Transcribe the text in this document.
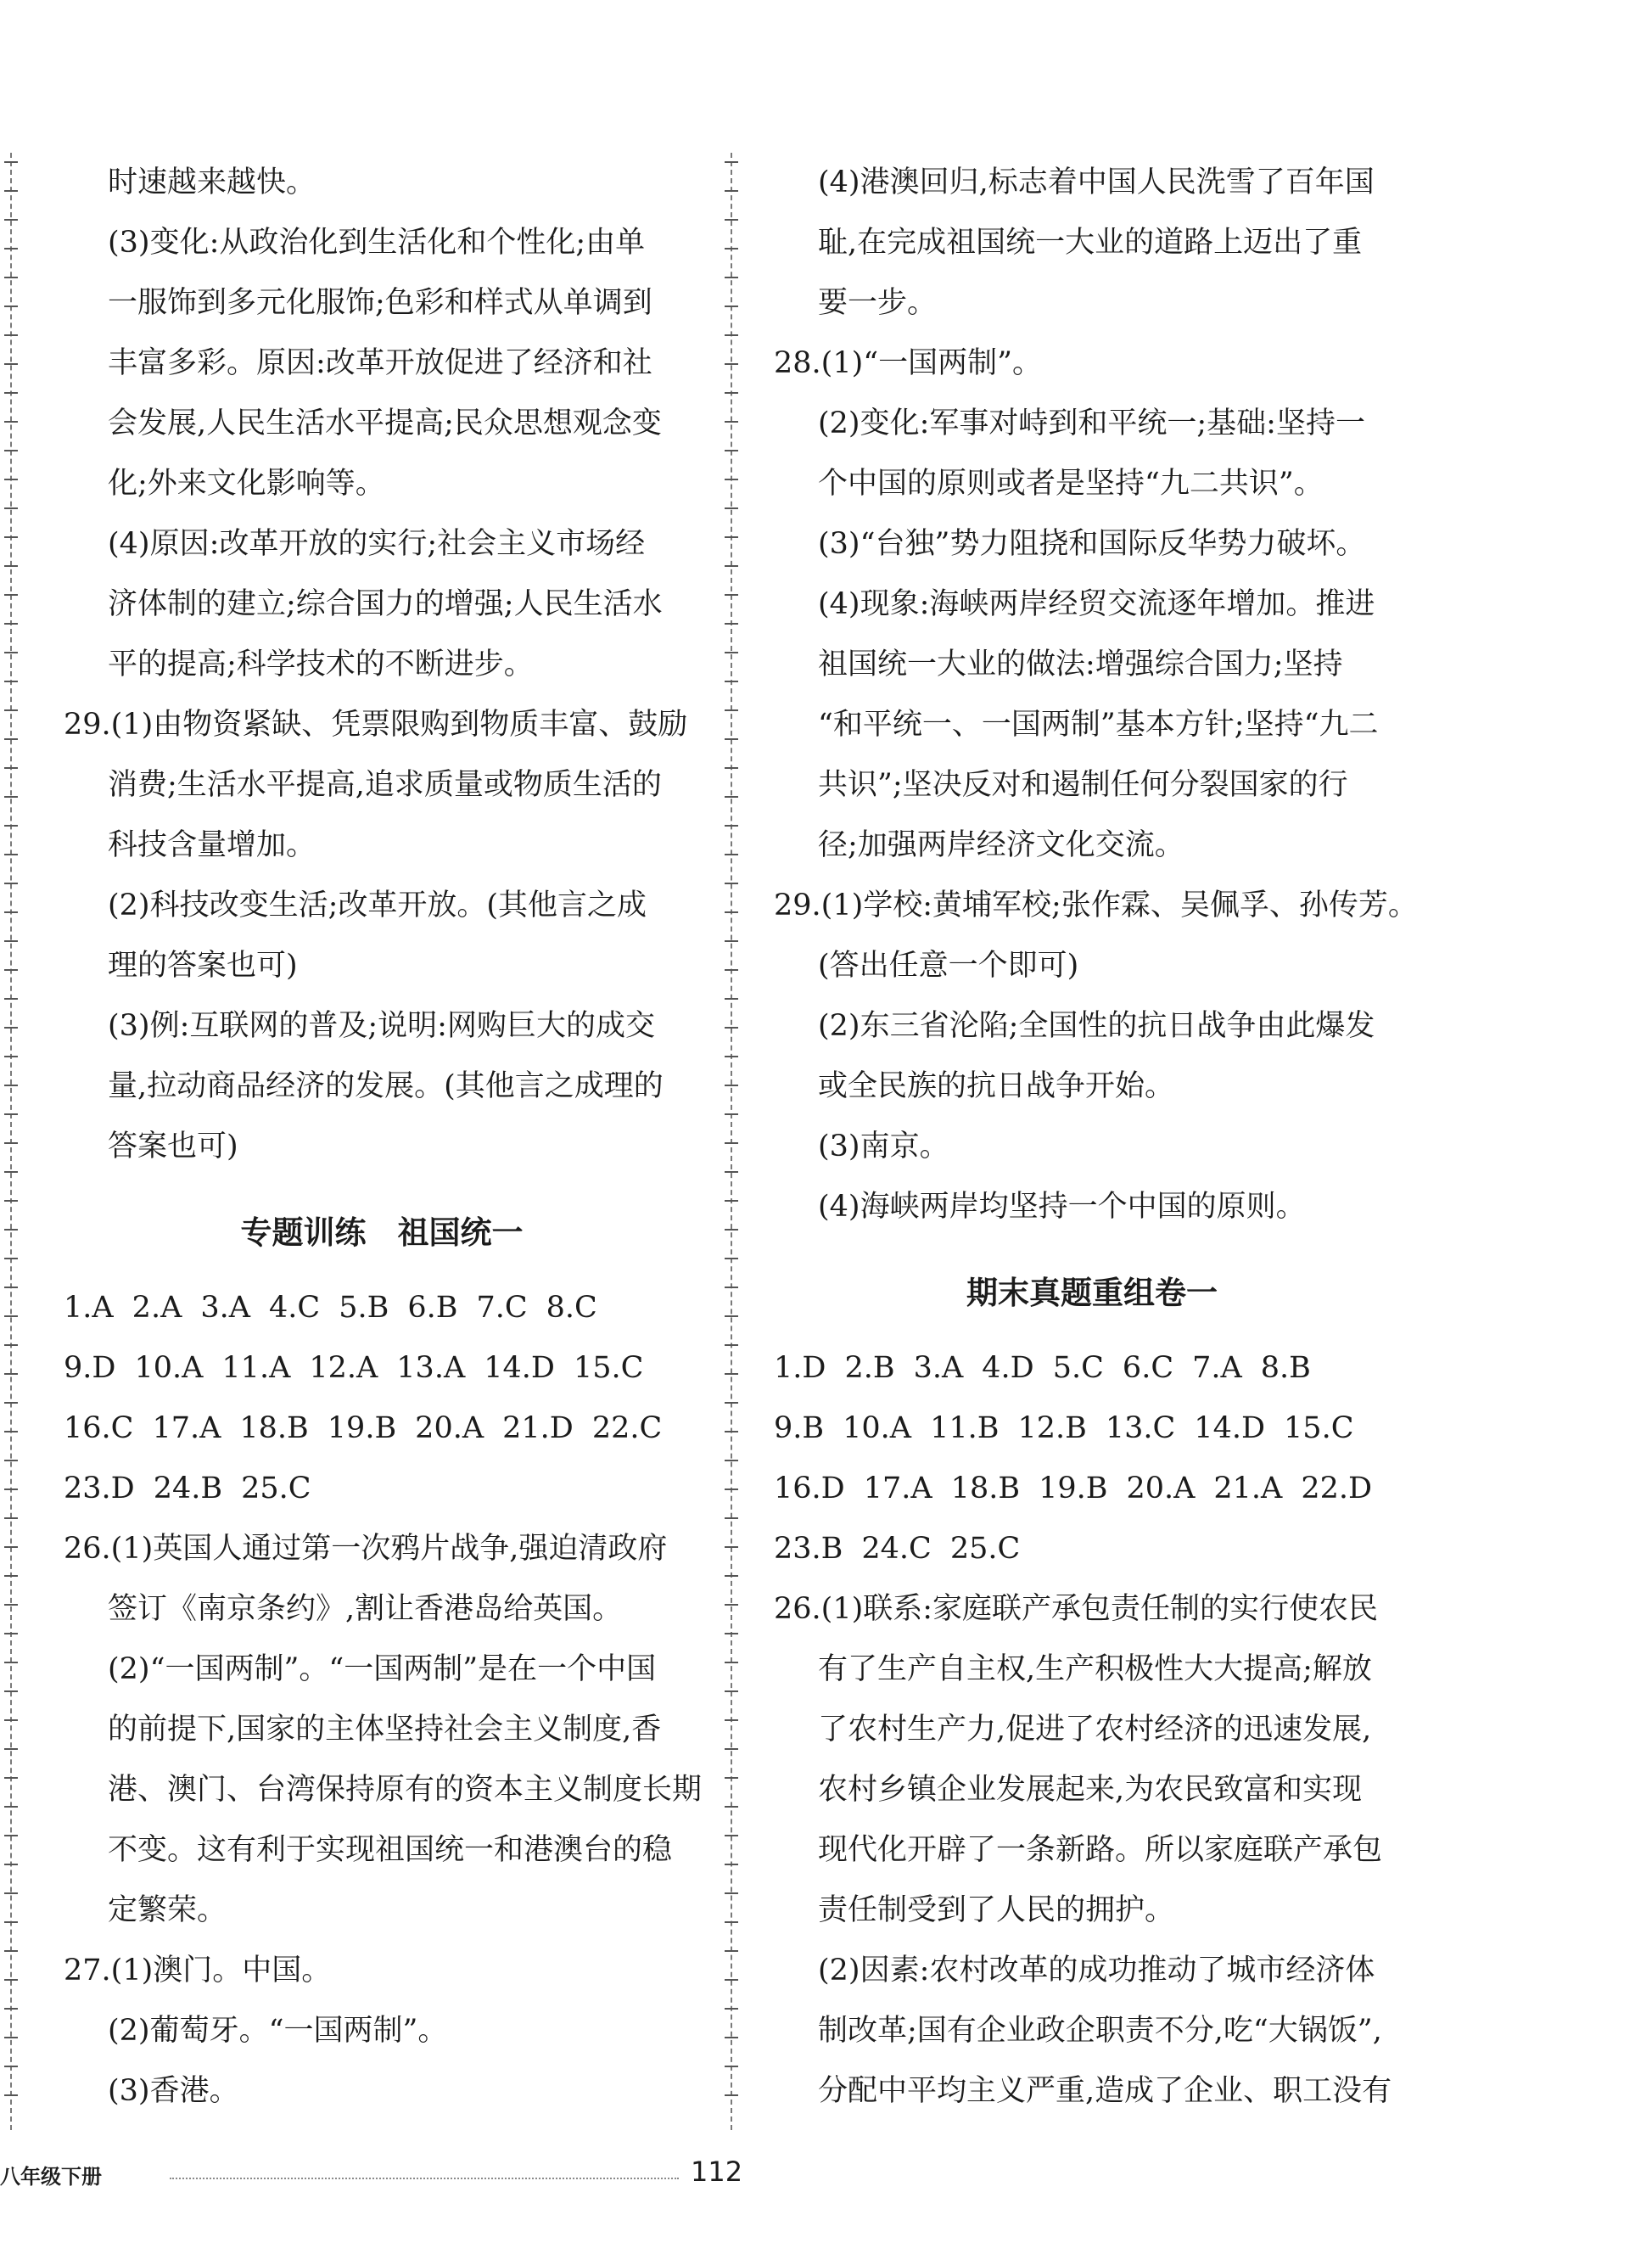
时速越来越快。
(3)变化:从政治化到生活化和个性化;由单
一服饰到多元化服饰;色彩和样式从单调到
丰富多彩。原因:改革开放促进了经济和社
会发展,人民生活水平提高;民众思想观念变
化;外来文化影响等。
(4)原因:改革开放的实行;社会主义市场经
济体制的建立;综合国力的增强;人民生活水
平的提高;科学技术的不断进步。
29.(1)由物资紧缺、凭票限购到物质丰富、鼓励
消费;生活水平提高,追求质量或物质生活的
科技含量增加。
(2)科技改变生活;改革开放。(其他言之成
理的答案也可)
(3)例:互联网的普及;说明:网购巨大的成交
量,拉动商品经济的发展。(其他言之成理的
答案也可)
专题训练　祖国统一
1.A 2.A 3.A 4.C 5.B 6.B 7.C 8.C
9.D 10.A 11.A 12.A 13.A 14.D 15.C
16.C 17.A 18.B 19.B 20.A 21.D 22.C
23.D 24.B 25.C
26.(1)英国人通过第一次鸦片战争,强迫清政府
签订《南京条约》,割让香港岛给英国。
(2)“一国两制”。“一国两制”是在一个中国
的前提下,国家的主体坚持社会主义制度,香
港、澳门、台湾保持原有的资本主义制度长期
不变。这有利于实现祖国统一和港澳台的稳
定繁荣。
27.(1)澳门。中国。
(2)葡萄牙。“一国两制”。
(3)香港。
(4)港澳回归,标志着中国人民洗雪了百年国
耻,在完成祖国统一大业的道路上迈出了重
要一步。
28.(1)“一国两制”。
(2)变化:军事对峙到和平统一;基础:坚持一
个中国的原则或者是坚持“九二共识”。
(3)“台独”势力阻挠和国际反华势力破坏。
(4)现象:海峡两岸经贸交流逐年增加。推进
祖国统一大业的做法:增强综合国力;坚持
“和平统一、一国两制”基本方针;坚持“九二
共识”;坚决反对和遏制任何分裂国家的行
径;加强两岸经济文化交流。
29.(1)学校:黄埔军校;张作霖、吴佩孚、孙传芳。
(答出任意一个即可)
(2)东三省沦陷;全国性的抗日战争由此爆发
或全民族的抗日战争开始。
(3)南京。
(4)海峡两岸均坚持一个中国的原则。
期末真题重组卷一
1.D 2.B 3.A 4.D 5.C 6.C 7.A 8.B
9.B 10.A 11.B 12.B 13.C 14.D 15.C
16.D 17.A 18.B 19.B 20.A 21.A 22.D
23.B 24.C 25.C
26.(1)联系:家庭联产承包责任制的实行使农民
有了生产自主权,生产积极性大大提高;解放
了农村生产力,促进了农村经济的迅速发展,
农村乡镇企业发展起来,为农民致富和实现
现代化开辟了一条新路。所以家庭联产承包
责任制受到了人民的拥护。
(2)因素:农村改革的成功推动了城市经济体
制改革;国有企业政企职责不分,吃“大锅饭”,
分配中平均主义严重,造成了企业、职工没有
八年级下册	112
